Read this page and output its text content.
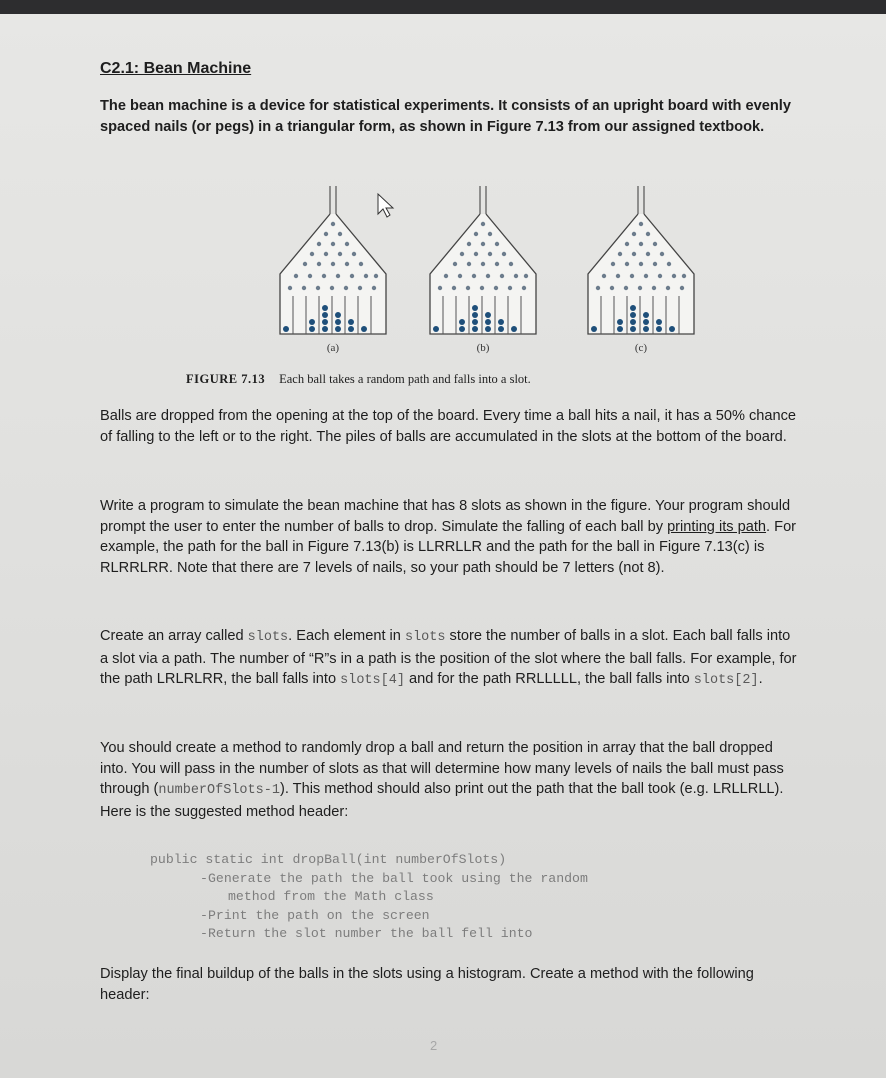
C2.1: Bean Machine
The bean machine is a device for statistical experiments. It consists of an upright board with evenly spaced nails (or pegs) in a triangular form, as shown in Figure 7.13 from our assigned textbook.
(a)	(b)	(c)
FIGURE 7.13 Each ball takes a random path and falls into a slot.
Balls are dropped from the opening at the top of the board. Every time a ball hits a nail, it has a 50% chance of falling to the left or to the right. The piles of balls are accumulated in the slots at the bottom of the board.
Write a program to simulate the bean machine that has 8 slots as shown in the figure. Your program should prompt the user to enter the number of balls to drop. Simulate the falling of each ball by printing its path. For example, the path for the ball in Figure 7.13(b) is LLRRLLR and the path for the ball in Figure 7.13(c) is RLRRLRR. Note that there are 7 levels of nails, so your path should be 7 letters (not 8).
Create an array called slots. Each element in slots store the number of balls in a slot. Each ball falls into a slot via a path. The number of “R”s in a path is the position of the slot where the ball falls. For example, for the path LRLRLRR, the ball falls into slots[4] and for the path RRLLLLL, the ball falls into slots[2].
You should create a method to randomly drop a ball and return the position in array that the ball dropped into. You will pass in the number of slots as that will determine how many levels of nails the ball must pass through (numberOfSlots-1). This method should also print out the path that the ball took (e.g. LRLLRLL). Here is the suggested method header:
public static int dropBall(int numberOfSlots)
- Generate the path the ball took using the random
method from the Math class
- Print the path on the screen
- Return the slot number the ball fell into
Display the final buildup of the balls in the slots using a histogram. Create a method with the following header:
2
